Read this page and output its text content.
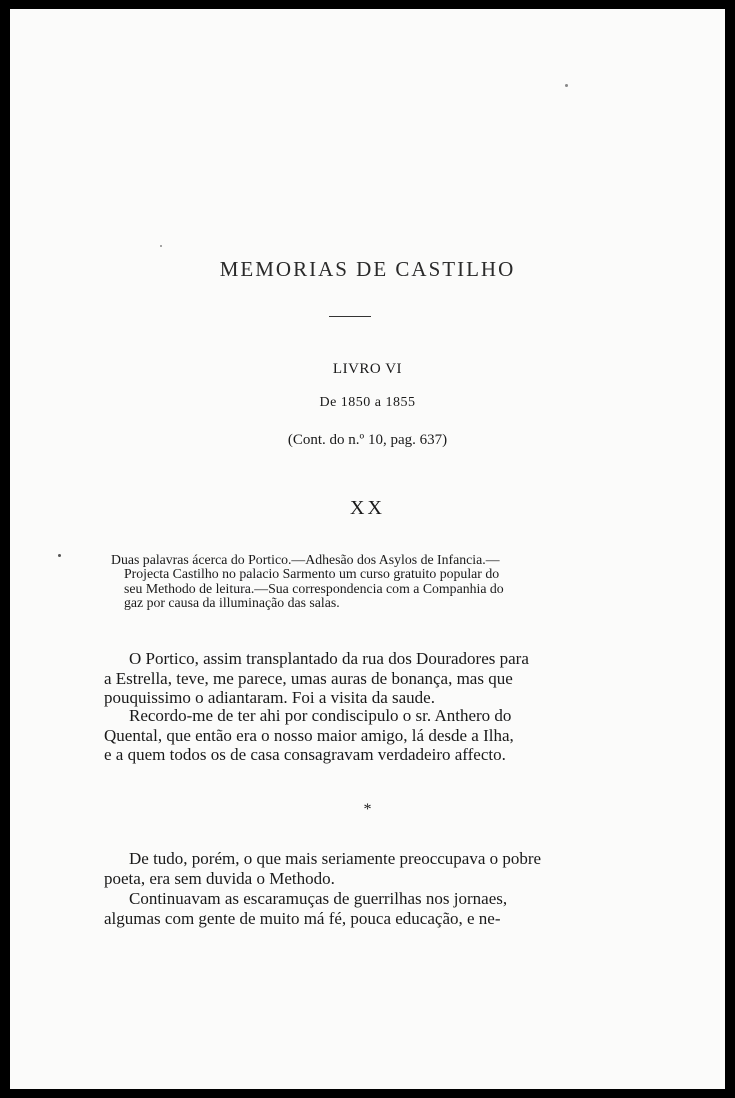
MEMORIAS DE CASTILHO
LIVRO VI
De 1850 a 1855
(Cont. do n.º 10, pag. 637)
XX
Duas palavras ácerca do Portico.—Adhesão dos Asylos de Infancia.—
Projecta Castilho no palacio Sarmento um curso gratuito popular do
seu Methodo de leitura.—Sua correspondencia com a Companhia do
gaz por causa da illuminação das salas.
O Portico, assim transplantado da rua dos Douradores para
a Estrella, teve, me parece, umas auras de bonança, mas que
pouquissimo o adiantaram. Foi a visita da saude.
Recordo-me de ter ahi por condiscipulo o sr. Anthero do
Quental, que então era o nosso maior amigo, lá desde a Ilha,
e a quem todos os de casa consagravam verdadeiro affecto.
*
De tudo, porém, o que mais seriamente preoccupava o pobre
poeta, era sem duvida o Methodo.
Continuavam as escaramuças de guerrilhas nos jornaes,
algumas com gente de muito má fé, pouca educação, e ne-
